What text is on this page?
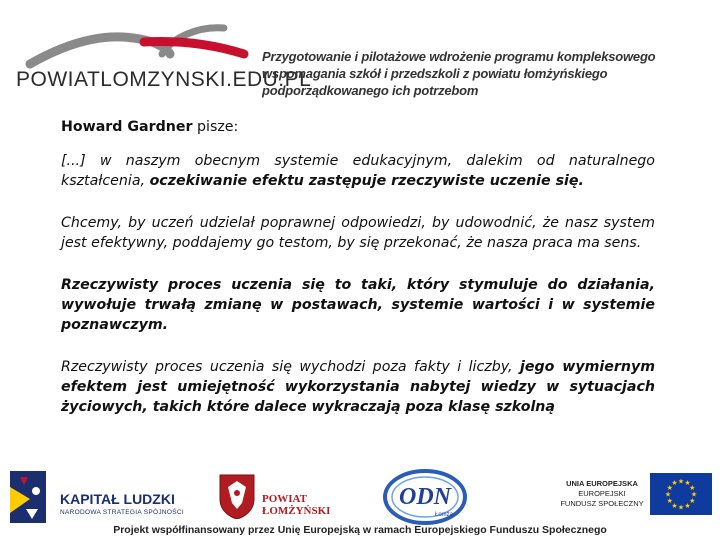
POWIATLOMZYNSKI.EDU.PL
Przygotowanie i pilotażowe wdrożenie programu kompleksowego wspomagania szkół i przedszkoli z powiatu łomżyńskiego podporządkowanego ich potrzebom

Howard Gardner pisze:

[...] w naszym obecnym systemie edukacyjnym, dalekim od naturalnego kształcenia, oczekiwanie efektu zastępuje rzeczywiste uczenie się.

Chcemy, by uczeń udzielał poprawnej odpowiedzi, by udowodnić, że nasz system jest efektywny, poddajemy go testom, by się przekonać, że nasza praca ma sens.

Rzeczywisty proces uczenia się to taki, który stymuluje do działania, wywołuje trwałą zmianę w postawach, systemie wartości i w systemie poznawczym.

Rzeczywisty proces uczenia się wychodzi poza fakty i liczby, jego wymiernym efektem jest umiejętność wykorzystania nabytej wiedzy w sytuacjach życiowych, takich które dalece wykraczają poza klasę szkolną

KAPITAŁ LUDZKI
NARODOWA STRATEGIA SPÓJNOŚCI
POWIAT
ŁOMŻYŃSKI
ODN
Łomża
UNIA EUROPEJSKA
EUROPEJSKI
FUNDUSZ SPOŁECZNY
★
★
★
★
★
★
★
★
★ ★ ★
★
Projekt współfinansowany przez Unię Europejską w ramach Europejskiego Funduszu Społecznego
